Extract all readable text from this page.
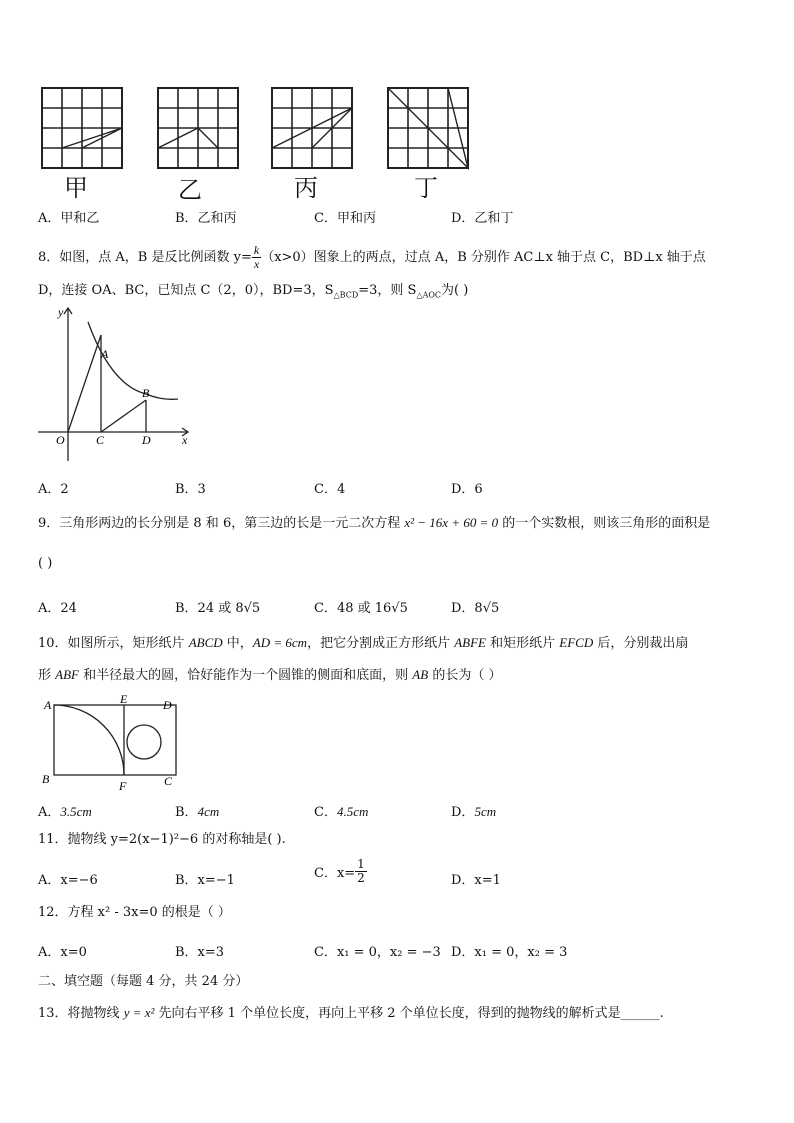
甲	乙	丙	丁
A．甲和乙	B．乙和丙	C．甲和丙	D．乙和丁
8．如图，点 A，B 是反比例函数 $y= \frac{k}{x} (x>0)$图象上的两点，过点 A，B 分别作 AC⊥x 轴于点 C，BD⊥x 轴于点
D，连接 OA、BC，已知点 C（2，0），BD=3，$S_{\triangle BCD}=3$，则 $S_{\triangle AOC}$为( )
y
x
O
A
B
C	D
A．2	B．3	C．4	D．6
9．三角形两边的长分别是 8 和 6，第三边的长是一元二次方程 x² − 16x + 60 = 0 的一个实数根，则该三角形的面积是
( )
A．24	B．24 或 8√5	C．48 或 16√5	D．8√5
10．如图所示，矩形纸片 ABCD 中，AD = 6cm，把它分割成正方形纸片 ABFE 和矩形纸片 EFCD 后，分别裁出扇
形 ABF 和半径最大的圆，恰好能作为一个圆锥的侧面和底面，则 AB 的长为（ ）
A	E	D
B	F	C
A．3.5cm	B．4cm	C．4.5cm	D．5cm
11．抛物线 y=2(x−1)²−6 的对称轴是( ).
A．x=−6	B．x=−1	C．$x= \frac{1}{2}$	D．x=1
12．方程 x² - 3x=0 的根是（ ）
A．x=0	B．x=3	C．x₁ = 0，x₂ = −3 D．x₁ = 0，x₂ = 3
二、填空题（每题 4 分，共 24 分）
13．将抛物线 y = x² 先向右平移 1 个单位长度，再向上平移 2 个单位长度，得到的抛物线的解析式是______.
